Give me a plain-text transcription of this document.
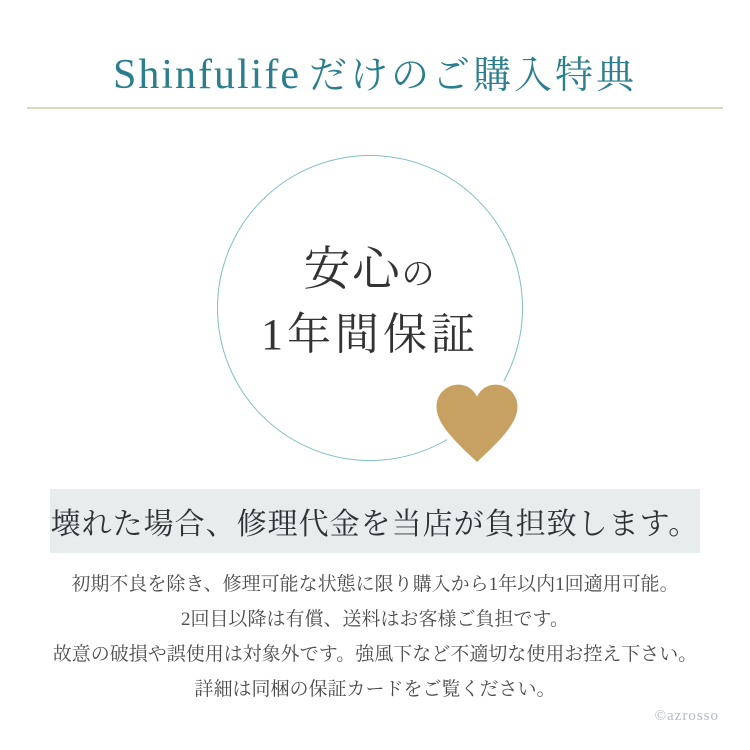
Shinfulife だけのご購入特典
安心の
1年間保証
壊れた場合、修理代金を当店が負担致します。
初期不良を除き、修理可能な状態に限り購入から1年以内1回適用可能。
2回目以降は有償、送料はお客様ご負担です。
故意の破損や誤使用は対象外です。強風下など不適切な使用お控え下さい。
詳細は同梱の保証カードをご覧ください。
©azrosso
